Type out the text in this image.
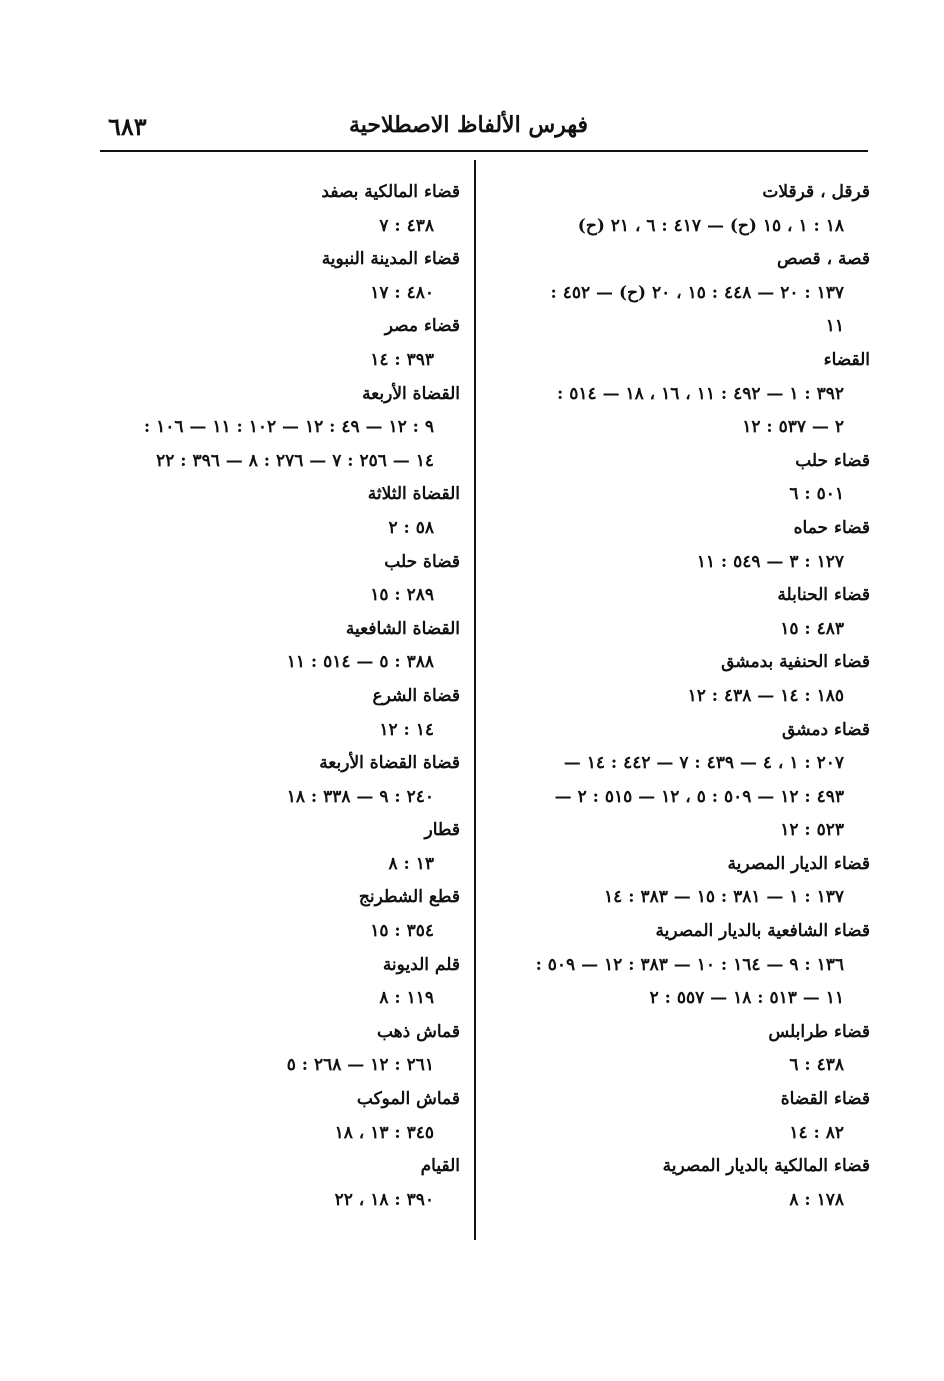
٦٨٣	فهرس الألفاظ الاصطلاحية
قرقل ، قرقلات
١٨ : ١ ، ١٥ (ح) — ٤١٧ : ٦ ، ٢١ (ح)
قصة ، قصص
١٣٧ : ٢٠ — ٤٤٨ : ١٥ ، ٢٠ (ح) — ٤٥٢ :
١١
القضاء
٣٩٢ : ١ — ٤٩٢ : ١١ ، ١٦ ، ١٨ — ٥١٤ :
٢ — ٥٣٧ : ١٢
قضاء حلب
٥٠١ : ٦
قضاء حماه
١٢٧ : ٣ — ٥٤٩ : ١١
قضاء الحنابلة
٤٨٣ : ١٥
قضاء الحنفية بدمشق
١٨٥ : ١٤ — ٤٣٨ : ١٢
قضاء دمشق
٢٠٧ : ١ ، ٤ — ٤٣٩ : ٧ — ٤٤٢ : ١٤ —
٤٩٣ : ١٢ — ٥٠٩ : ٥ ، ١٢ — ٥١٥ : ٢ —
٥٢٣ : ١٢
قضاء الديار المصرية
١٣٧ : ١ — ٣٨١ : ١٥ — ٣٨٣ : ١٤
قضاء الشافعية بالديار المصرية
١٣٦ : ٩ — ١٦٤ : ١٠ — ٣٨٣ : ١٢ — ٥٠٩ :
١١ — ٥١٣ : ١٨ — ٥٥٧ : ٢
قضاء طرابلس
٤٣٨ : ٦
قضاء القضاة
٨٢ : ١٤
قضاء المالكية بالديار المصرية
١٧٨ : ٨
قضاء المالكية بصفد
٤٣٨ : ٧
قضاء المدينة النبوية
٤٨٠ : ١٧
قضاء مصر
٣٩٣ : ١٤
القضاة الأربعة
٩ : ١٢ — ٤٩ : ١٢ — ١٠٢ : ١١ — ١٠٦ :
١٤ — ٢٥٦ : ٧ — ٢٧٦ : ٨ — ٣٩٦ : ٢٢
القضاة الثلاثة
٥٨ : ٢
قضاة حلب
٢٨٩ : ١٥
القضاة الشافعية
٣٨٨ : ٥ — ٥١٤ : ١١
قضاة الشرع
١٤ : ١٢
قضاة القضاة الأربعة
٢٤٠ : ٩ — ٣٣٨ : ١٨
قطار
١٣ : ٨
قطع الشطرنج
٣٥٤ : ١٥
قلم الديونة
١١٩ : ٨
قماش ذهب
٢٦١ : ١٢ — ٢٦٨ : ٥
قماش الموكب
٣٤٥ : ١٣ ، ١٨
القيام
٣٩٠ : ١٨ ، ٢٢
